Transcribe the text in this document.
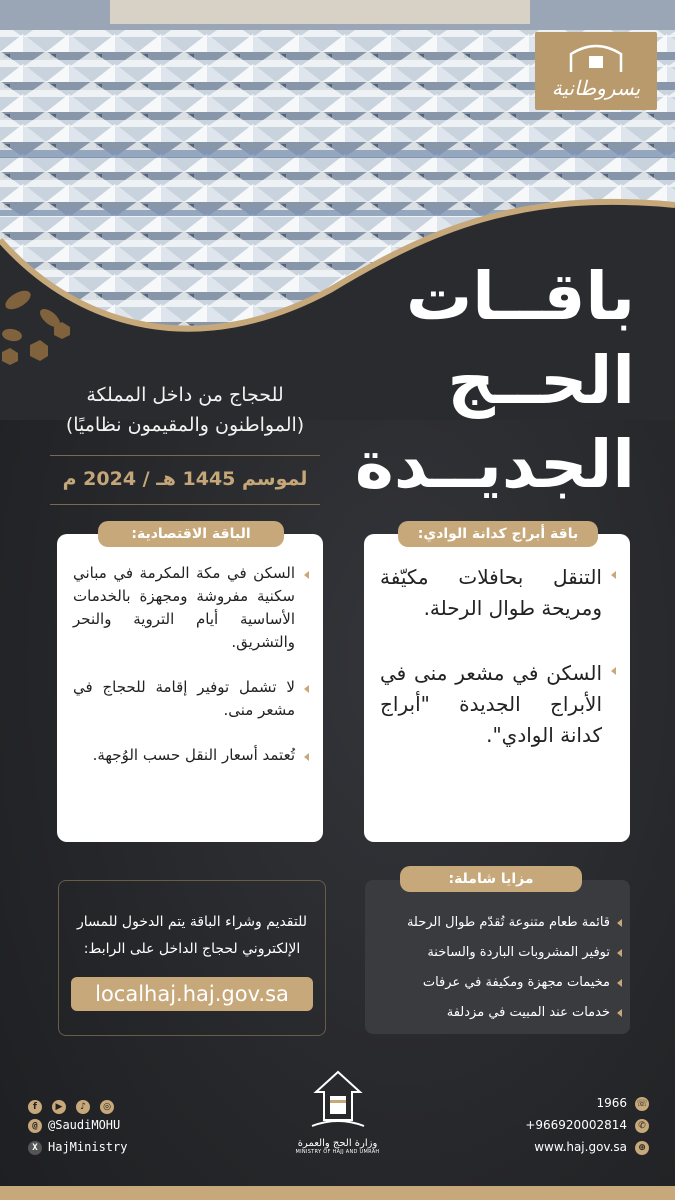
يسروطانية
باقــات
الحــج
الجديــدة
للحجاج من داخل المملكة
(المواطنون والمقيمون نظاميًا)
لموسم 1445 هـ / 2024 م
التنقل بحافلات مكيّفة ومريحة طوال الرحلة.
السكن في مشعر منى في الأبراج الجديدة "أبراج كدانة الوادي".
باقة أبراج كدانة الوادي:
السكن في مكة المكرمة في مباني سكنية مفروشة ومجهزة بالخدمات الأساسية أيام التروية والنحر والتشريق.
لا تشمل توفير إقامة للحجاج في مشعر منى.
تُعتمد أسعار النقل حسب الوُجهة.
الباقة الاقتصادية:
للتقديم وشراء الباقة يتم الدخول للمسار
الإلكتروني لحجاج الداخل على الرابط:
localhaj.haj.gov.sa
قائمة طعام متنوعة تُقدّم طوال الرحلة
توفير المشروبات الباردة والساخنة
مخيمات مجهزة ومكيفة في عرفات
خدمات عند المبيت في مزدلفة
مزايا شاملة:
f ▶ ♪ ◎
@ @SaudiMOHU
X HajMinistry	وزارة الحج والعمرة
MINISTRY OF HAJJ AND UMRAH
1966 ☏
+966920002814 ✆
www.haj.gov.sa ⊕
